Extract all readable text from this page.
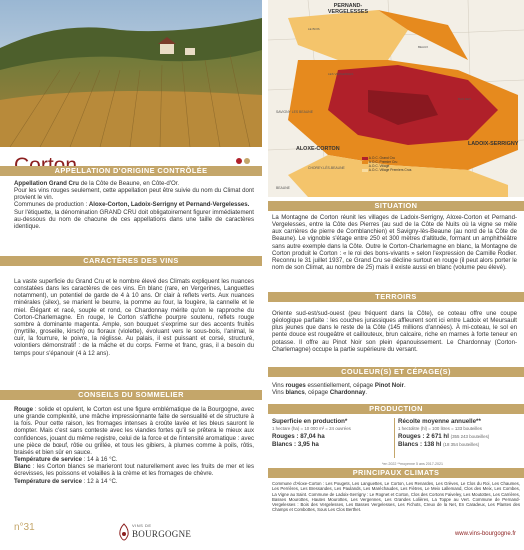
APPELLATION D'ORIGINE CONTRÔLÉE
Appellation Grand Cru de la Côte de Beaune, en Côte-d'Or.
Pour les vins rouges seulement, cette appellation peut être suivie du nom du Climat dont provient le vin.
Communes de production : Aloxe-Corton, Ladoix-Serrigny et Pernand-Vergelesses.
Sur l'étiquette, la dénomination GRAND CRU doit obligatoirement figurer immédiatement au-dessous du nom de chacune de ces appellations dans une taille de caractères identique.
CARACTÈRES DES VINS
La vaste superficie du Grand Cru et le nombre élevé des Climats expliquent les nuances constatées dans les caractères de ces vins. En blanc (rare, en Vergerines, Languettes notamment), un potentiel de garde de 4 à 10 ans. Or clair à reflets verts. Aux nuances minérales (silex), se marient le beurre, la pomme au four, la fougère, la cannelle et le miel. Élégant et racé, souple et rond, ce Chardonnay mérite qu'on le rapproche du Corton-Charlemagne. En rouge, le Corton s'affiche pourpre soutenu, reflets rouge sombre à dominante magenta. Ample, son bouquet s'exprime sur des accents fruités (myrtille, groseille, kirsch) ou floraux (violette), évoluant vers le sous-bois, l'animal, le cuir, la fourrure, le poivre, la réglisse. Au palais, il est puissant et corsé, structuré, volontiers démonstratif : de la mâche et du corps. Ferme et franc, gras, il a besoin du temps pour s'épanouir (4 à 12 ans).
CONSEILS DU SOMMELIER
Rouge : solide et opulent, le Corton est une figure emblématique de la Bourgogne, avec une grande complexité, une mâche impressionnante faite de sensualité et de structure à la fois. Pour cette raison, les fromages intenses à croûte lavée et les bleus sauront le dompter. Mais c'est sans conteste avec les viandes fortes qu'il se prêtera le mieux aux confidences, jouant du même registre, celui de la force et de l'intensité aromatique : avec une pièce de bœuf, rôtie ou grillée, et tous les gibiers, à plumes comme à poils, rôtis, braisés et bien sûr en sauce.
Température de service : 14 à 16 °C.
Blanc : les Corton blancs se marieront tout naturellement avec les fruits de mer et les écrevisses, les poissons et volailles à la crème et les fromages de chèvre.
Température de service : 12 à 14 °C.
n°31
LE BOIS
BEAUX
LES VERGENNES
BAS DES
PERNAND-VERGELESSES
ALOXE-CORTON
LADOIX-SERRIGNY
CHOREY-LÈS-BEAUNE
SAVIGNY LES BEAUNE
BEAUNE
A.O.C. Grand Cru
A.O.C. Premier Cru
A.O.C. Village
A.O.C. Village Premiers Crus
SITUATION
La Montagne de Corton réunit les villages de Ladoix-Serrigny, Aloxe-Corton et Pernand-Vergelesses, entre la Côte des Pierres (au sud de la Côte de Nuits où la vigne se mêle aux carrières de pierre de Comblanchien) et Savigny-lès-Beaune (au nord de la Côte de Beaune). Le vignoble s'étage entre 250 et 300 mètres d'altitude, formant un amphithéâtre sans autre exemple dans la Côte. Outre le Corton-Charlemagne en blanc, la Montagne de Corton produit le Corton : « le roi des bons-vivants » selon l'expression de Camille Rodier. Reconnu le 31 juillet 1937, ce Grand Cru se décline surtout en rouge (il peut alors porter le nom de son Climat, au nombre de 25) mais il existe aussi en blanc (volume peu élevé).
TERROIRS
Oriente sud-est/sud-ouest (peu fréquent dans la Côte), ce coteau offre une coupe géologique parfaite : les couches jurassiques affleurent sont ici entre Ladoix et Meursault plus jeunes que dans le reste de la Côte (145 millions d'années). À mi-coteau, le sol en pente douce est rougeâtre et caillouteux, brun calcaire, riche en marnes à forte teneur en potasse. Il offre au Pinot Noir son plein épanouissement. Le Chardonnay (Corton-Charlemagne) occupe la partie supérieure du versant.
COULEUR(S) ET CÉPAGE(S)
Vins rouges essentiellement, cépage Pinot Noir.
Vins blancs, cépage Chardonnay.
PRODUCTION
Superficie en production*

1 hectare (ha) = 10 000 m² = 24 ouvrées
Rouges : 87,04 ha
Blancs : 3,95 ha
Récolte moyenne annuelle**

1 hectolitre (hl) = 100 litres = 133 bouteilles
Rouges : 2 671 hl (355 243 bouteilles)
Blancs : 138 hl (18 354 bouteilles)
*en 2022 **moyenne 5 ans 2017-2021
PRINCIPAUX CLIMATS
Commune d'Aloxe-Corton : Les Pougets, Les Languettes, Le Corton, Les Renardes, Les Grèves, Le Clos du Roi, Les Chaumes, Les Perrières, Les Bressandes, Les Paulands, Les Maréchaudes, Les Fiètres, Le Meix Lallemand, Clos des Meix, Les Combes, La Vigne au Saint. Commune de Ladoix-Serrigny : Le Rognet et Corton, Clos des Cortons Faiveley, Les Moutottes, Les Carrières, Basses Mourottes, Hautes Mourottes, Les Vergennes, Les Grandes Lolières, La Toppe au Vert. Commune de Pernand-Vergelesses : Bois des Vergelesses, Les Basses Vergelesses, Les Fichots, Creux de la Net, En Caradeux, Les Plantes des Champs et Combottes, Sous Les Clos Berthet.
www.vins-bourgogne.fr
VINS DE
BOURGOGNE
